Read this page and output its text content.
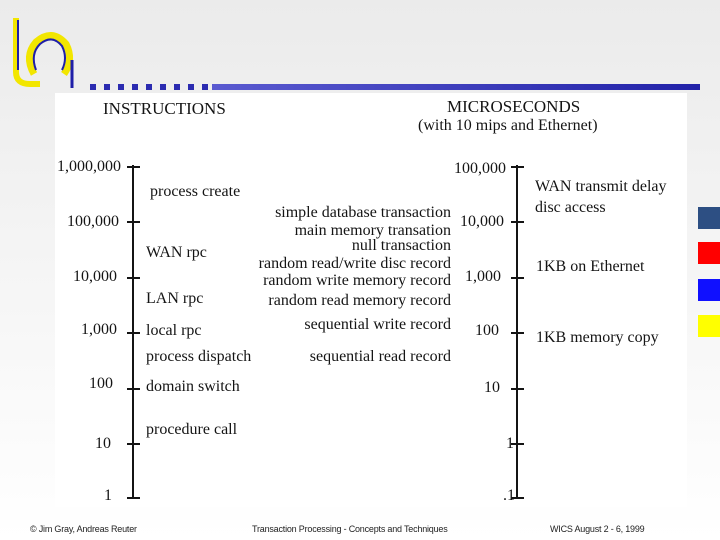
INSTRUCTIONS	MICROSECONDS
(with 10 mips and Ethernet)
1,000,000
100,000
10,000
1,000
100
10
1
100,000
10,000
1,000
100
10
1
.1
process create
WAN rpc
LAN rpc
local rpc
process dispatch
domain switch
procedure call
simple database transaction
main memory transation
null transaction
random read/write disc record
random write memory record
random read memory record
sequential write record
sequential read record
WAN transmit delay
disc access
1KB on Ethernet
1KB memory copy
© Jim Gray, Andreas Reuter	Transaction Processing - Concepts and Techniques	WICS August 2 - 6, 1999
